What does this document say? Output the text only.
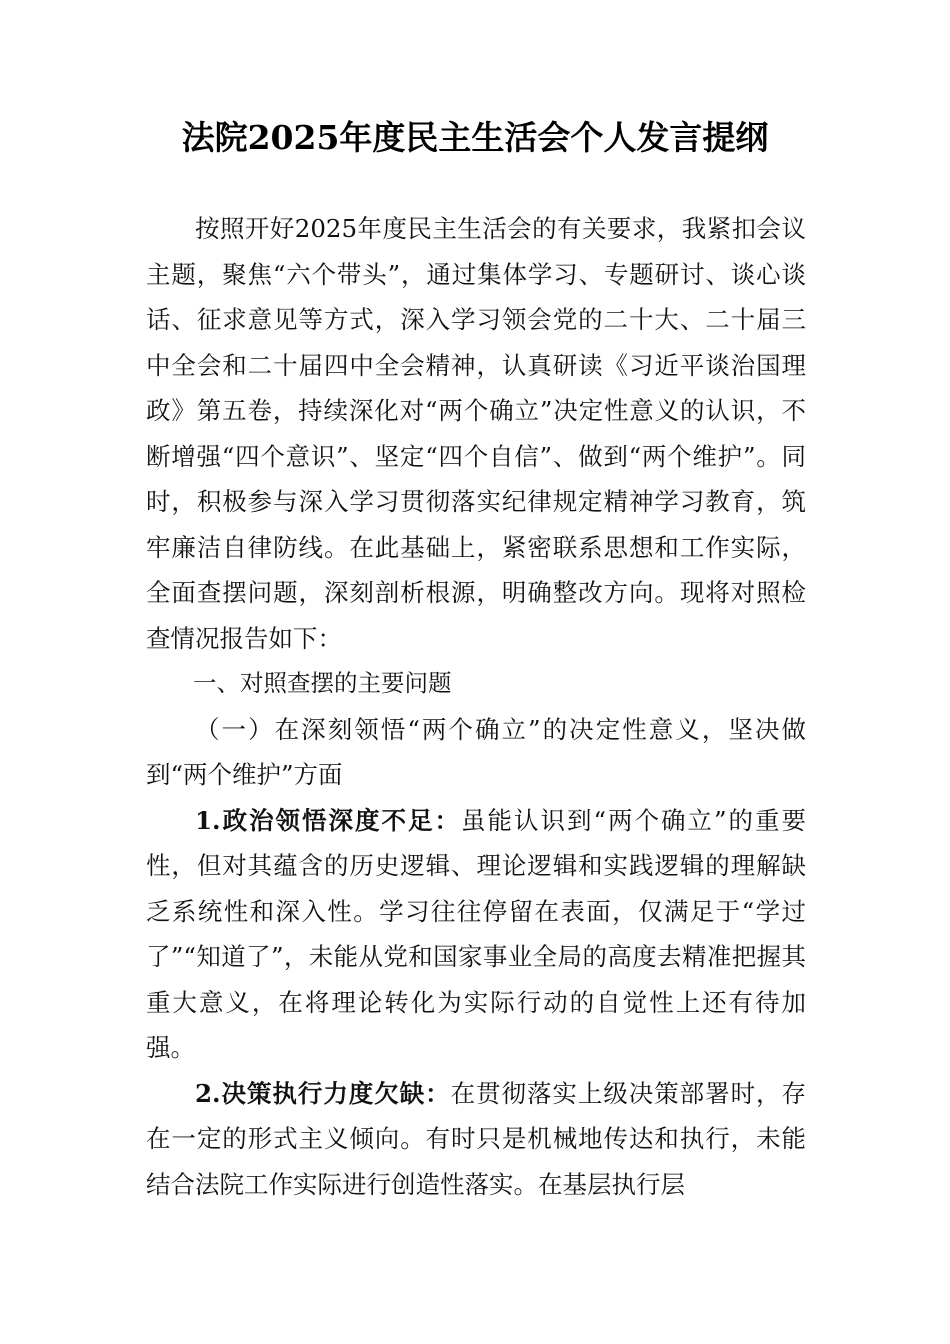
法院2025年度民主生活会个人发言提纲

按照开好2025年度民主生活会的有关要求，我紧扣会议主题，聚焦“六个带头”，通过集体学习、专题研讨、谈心谈话、征求意见等方式，深入学习领会党的二十大、二十届三中全会和二十届四中全会精神，认真研读《习近平谈治国理政》第五卷，持续深化对“两个确立”决定性意义的认识，不断增强“四个意识”、坚定“四个自信”、做到“两个维护”。同时，积极参与深入学习贯彻落实纪律规定精神学习教育，筑牢廉洁自律防线。在此基础上，紧密联系思想和工作实际，全面查摆问题，深刻剖析根源，明确整改方向。现将对照检查情况报告如下：

一、对照查摆的主要问题

（一）在深刻领悟“两个确立”的决定性意义，坚决做到“两个维护”方面

1.政治领悟深度不足：虽能认识到“两个确立”的重要性，但对其蕴含的历史逻辑、理论逻辑和实践逻辑的理解缺乏系统性和深入性。学习往往停留在表面，仅满足于“学过了”“知道了”，未能从党和国家事业全局的高度去精准把握其重大意义，在将理论转化为实际行动的自觉性上还有待加强。

2.决策执行力度欠缺：在贯彻落实上级决策部署时，存在一定的形式主义倾向。有时只是机械地传达和执行，未能结合法院工作实际进行创造性落实。在基层执行层
